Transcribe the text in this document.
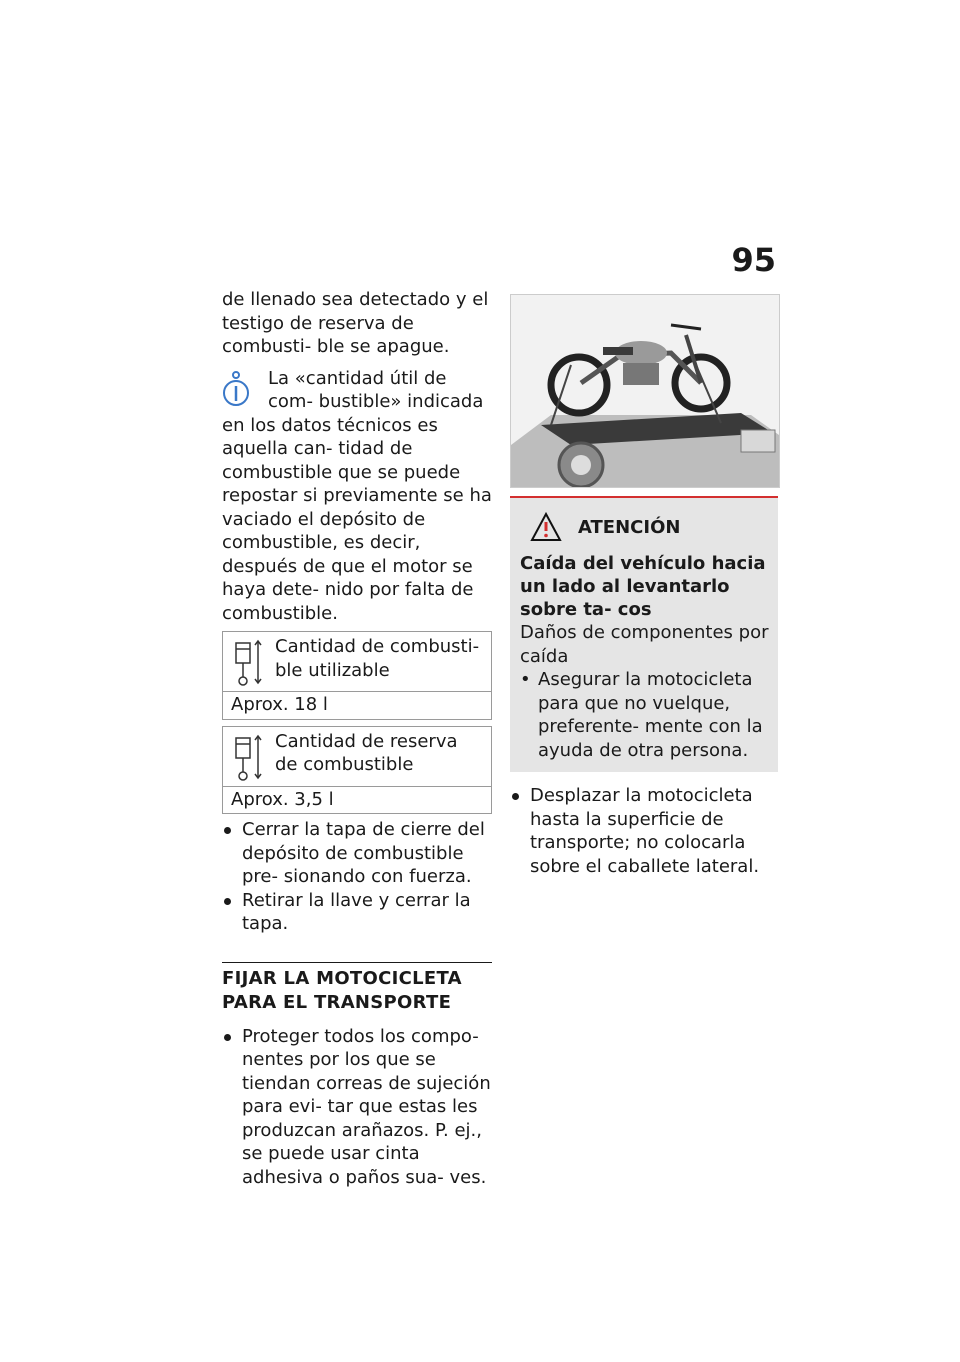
95

de llenado sea detectado y el testigo de reserva de combusti- ble se apague.

La «cantidad útil de com- bustible» indicada en los datos técnicos es aquella can- tidad de combustible que se puede repostar si previamente se ha vaciado el depósito de combustible, es decir, después de que el motor se haya dete- nido por falta de combustible.
Cantidad de combusti- ble utilizable
Aprox. 18 l
Cantidad de reserva de combustible
Aprox. 3,5 l
Cerrar la tapa de cierre del depósito de combustible pre- sionando con fuerza.
Retirar la llave y cerrar la tapa.
FIJAR LA MOTOCICLETA
PARA EL TRANSPORTE
Proteger todos los compo- nentes por los que se tiendan correas de sujeción para evi- tar que estas les produzcan arañazos. P. ej., se puede usar cinta adhesiva o paños sua- ves.
ATENCIÓN
Caída del vehículo hacia un lado al levantarlo sobre ta- cos
Daños de componentes por caída
• Asegurar la motocicleta para que no vuelque, preferente- mente con la ayuda de otra persona.
Desplazar la motocicleta hasta la superficie de transporte; no colocarla sobre el caballete lateral.
